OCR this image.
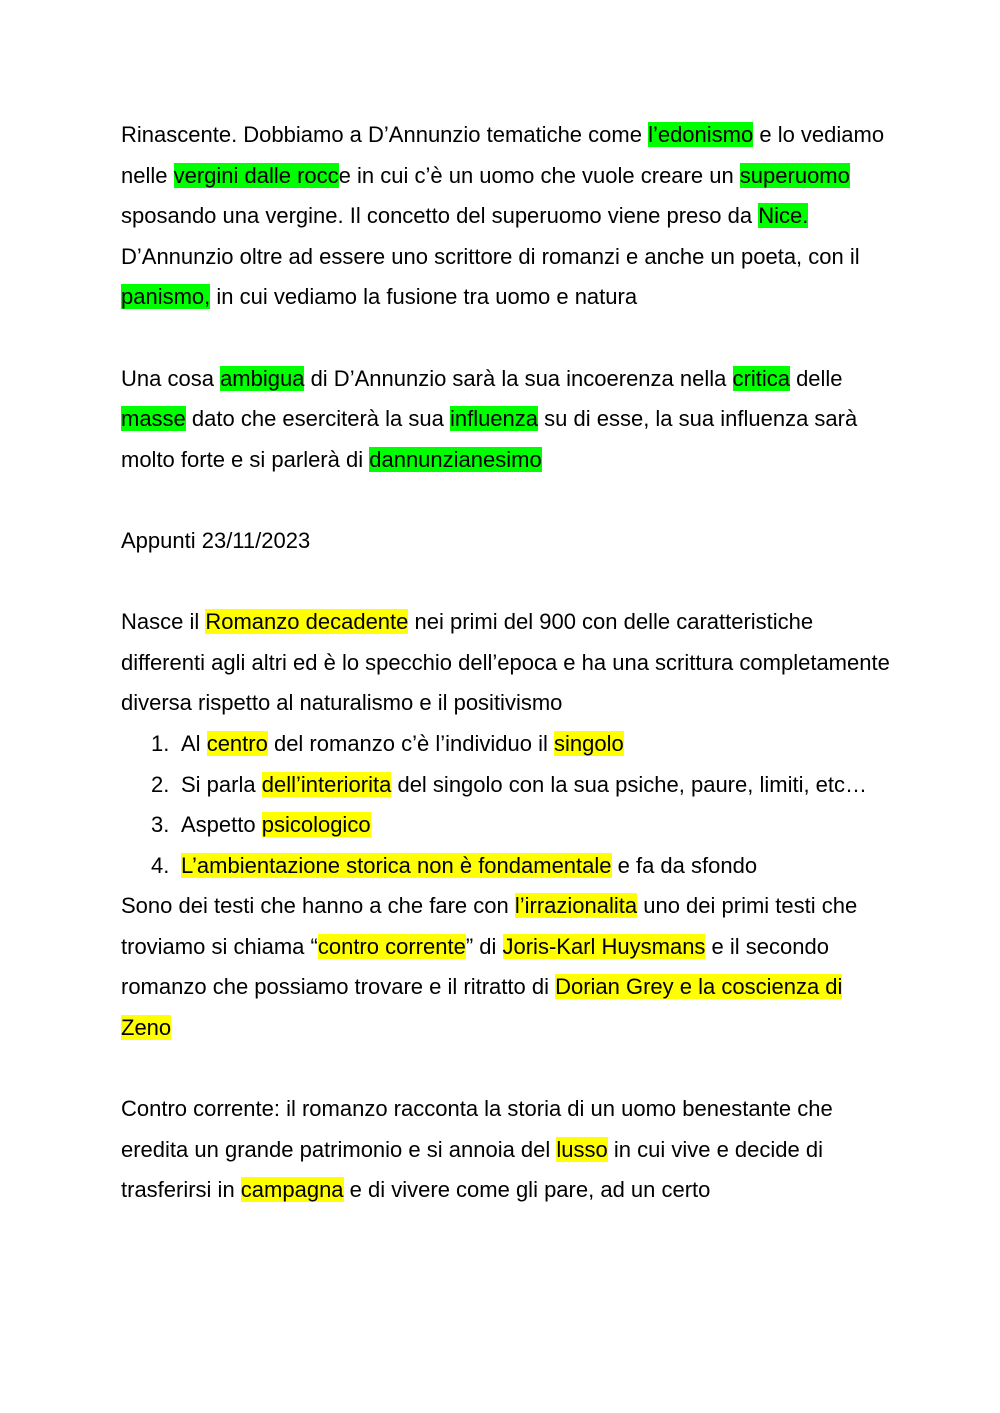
Rinascente. Dobbiamo a D’Annunzio tematiche come l’edonismo e lo vediamo nelle vergini dalle rocce in cui c’è un uomo che vuole creare un superuomo sposando una vergine. Il concetto del superuomo viene preso da Nice. D’Annunzio oltre ad essere uno scrittore di romanzi e anche un poeta, con il panismo, in cui vediamo la fusione tra uomo e natura

Una cosa ambigua di D’Annunzio sarà la sua incoerenza nella critica delle masse dato che eserciterà la sua influenza su di esse, la sua influenza sarà molto forte e si parlerà di dannunzianesimo

Appunti 23/11/2023

Nasce il Romanzo decadente nei primi del 900 con delle caratteristiche differenti agli altri ed è lo specchio dell’epoca e ha una scrittura completamente diversa rispetto al naturalismo e il positivismo

1. Al centro del romanzo c’è l’individuo il singolo
2. Si parla dell’interiorita del singolo con la sua psiche, paure, limiti, etc…
3. Aspetto psicologico
4. L’ambientazione storica non è fondamentale e fa da sfondo

Sono dei testi che hanno a che fare con l’irrazionalita uno dei primi testi che troviamo si chiama “contro corrente” di Joris-Karl Huysmans e il secondo romanzo che possiamo trovare e il ritratto di Dorian Grey e la coscienza di Zeno

Contro corrente: il romanzo racconta la storia di un uomo benestante che eredita un grande patrimonio e si annoia del lusso in cui vive e decide di trasferirsi in campagna e di vivere come gli pare, ad un certo
